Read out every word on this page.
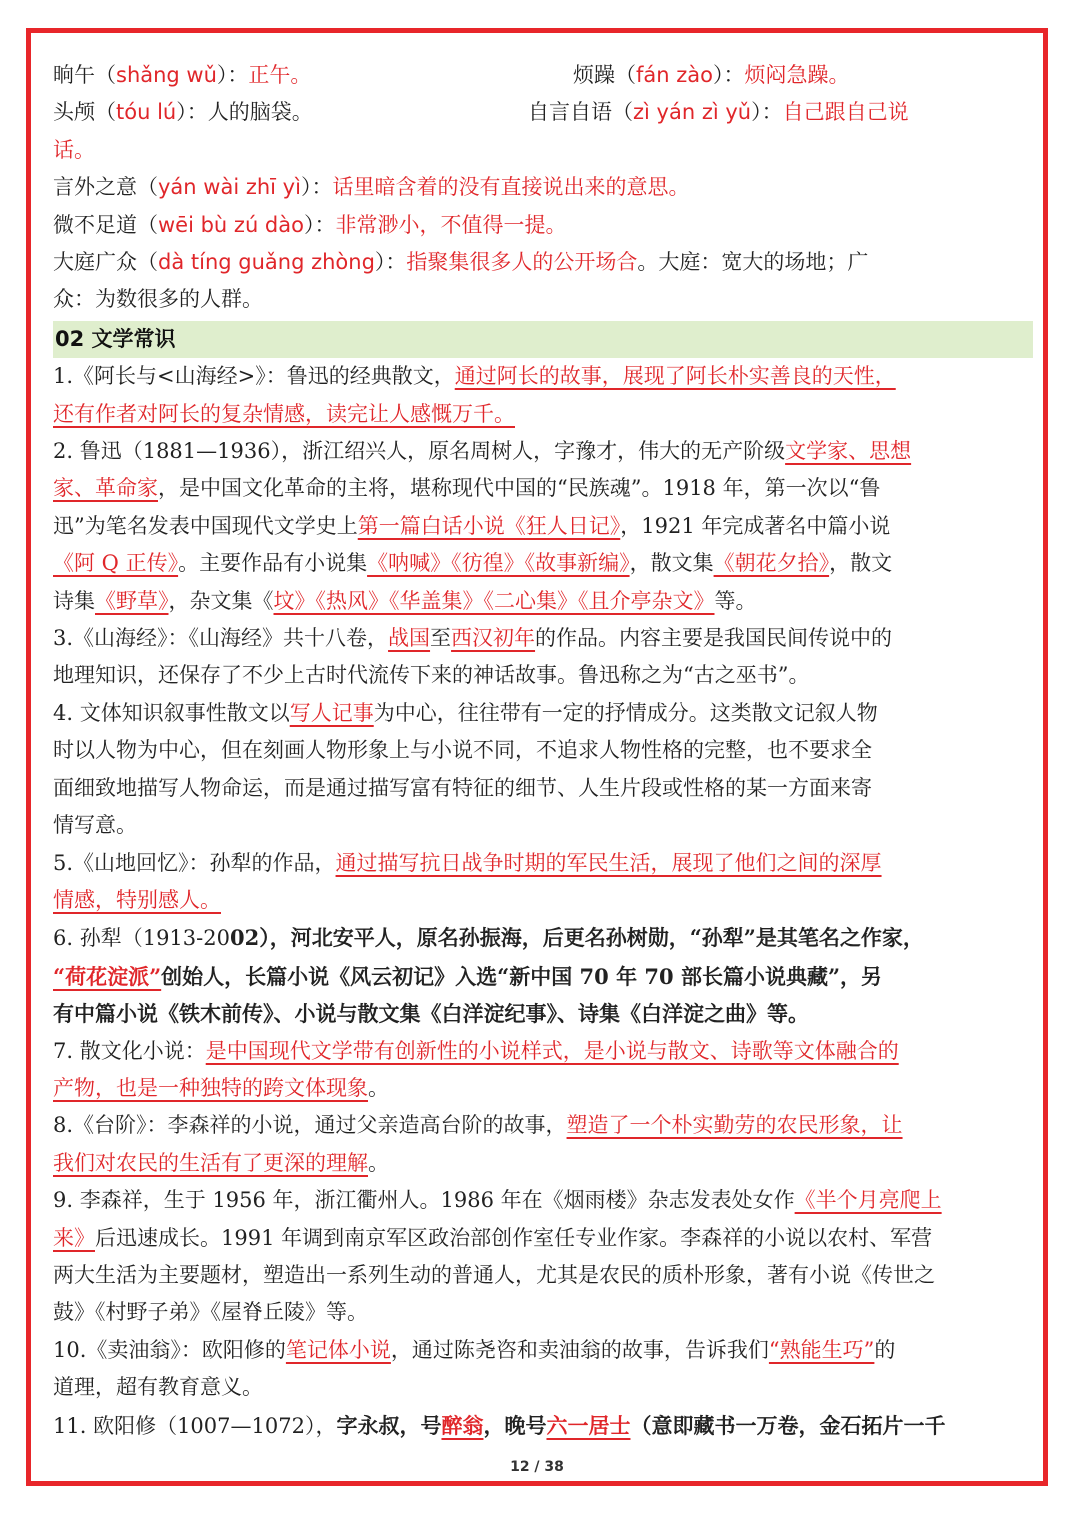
晌午（shǎng wǔ）：正午。	烦躁（fán zào）：烦闷急躁。
头颅（tóu lú）：人的脑袋。	自言自语（zì yán zì yǔ）：自己跟自己说
话。
言外之意（yán wài zhī yì）：话里暗含着的没有直接说出来的意思。
微不足道（wēi bù zú dào）：非常渺小，不值得一提。
大庭广众（dà tíng guǎng zhòng）：指聚集很多人的公开场合。大庭：宽大的场地；广
众：为数很多的人群。
02 文学常识
1.《阿长与<山海经>》：鲁迅的经典散文，通过阿长的故事，展现了阿长朴实善良的天性，
还有作者对阿长的复杂情感，读完让人感慨万千。
2. 鲁迅（1881—1936），浙江绍兴人，原名周树人，字豫才，伟大的无产阶级文学家、思想
家、革命家，是中国文化革命的主将，堪称现代中国的“民族魂”。1918 年，第一次以“鲁
迅”为笔名发表中国现代文学史上第一篇白话小说《狂人日记》，1921 年完成著名中篇小说
《阿 Q 正传》。主要作品有小说集《呐喊》《彷徨》《故事新编》，散文集《朝花夕拾》，散文
诗集《野草》，杂文集《坟》《热风》《华盖集》《二心集》《且介亭杂文》等。
3.《山海经》：《山海经》共十八卷，战国至西汉初年的作品。内容主要是我国民间传说中的
地理知识，还保存了不少上古时代流传下来的神话故事。鲁迅称之为“古之巫书”。
4. 文体知识叙事性散文以写人记事为中心，往往带有一定的抒情成分。这类散文记叙人物
时以人物为中心，但在刻画人物形象上与小说不同，不追求人物性格的完整，也不要求全
面细致地描写人物命运，而是通过描写富有特征的细节、人生片段或性格的某一方面来寄
情写意。
5.《山地回忆》：孙犁的作品，通过描写抗日战争时期的军民生活，展现了他们之间的深厚
情感，特别感人。
6. 孙犁（1913-2002），河北安平人，原名孙振海，后更名孙树勋，“孙犁”是其笔名之作家，
“荷花淀派”创始人，长篇小说《风云初记》入选“新中国 70 年 70 部长篇小说典藏”，另
有中篇小说《铁木前传》、小说与散文集《白洋淀纪事》、诗集《白洋淀之曲》等。
7. 散文化小说：是中国现代文学带有创新性的小说样式，是小说与散文、诗歌等文体融合的
产物，也是一种独特的跨文体现象。
8.《台阶》：李森祥的小说，通过父亲造高台阶的故事，塑造了一个朴实勤劳的农民形象，让
我们对农民的生活有了更深的理解。
9. 李森祥，生于 1956 年，浙江衢州人。1986 年在《烟雨楼》杂志发表处女作《半个月亮爬上
来》后迅速成长。1991 年调到南京军区政治部创作室任专业作家。李森祥的小说以农村、军营
两大生活为主要题材，塑造出一系列生动的普通人，尤其是农民的质朴形象，著有小说《传世之
鼓》《村野子弟》《屋脊丘陵》等。
10.《卖油翁》：欧阳修的笔记体小说，通过陈尧咨和卖油翁的故事，告诉我们“熟能生巧”的
道理，超有教育意义。
11. 欧阳修（1007—1072），字永叔，号醉翁，晚号六一居士（意即藏书一万卷，金石拓片一千
12 / 38
